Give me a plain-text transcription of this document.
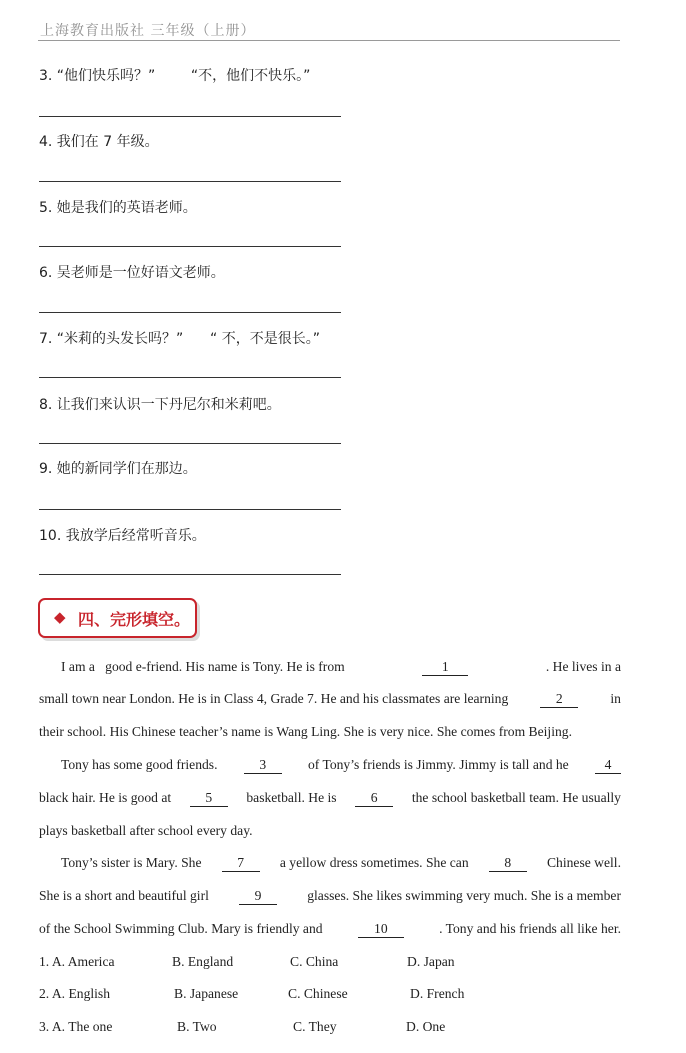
上海教育出版社 三年级（上册）
3. “他们快乐吗？”        “不，他们不快乐。”
4. 我们在 7 年级。
5. 她是我们的英语老师。
6. 吴老师是一位好语文老师。
7. “米莉的头发长吗？”      “ 不，不是很长。”
8. 让我们来认识一下丹尼尔和米莉吧。
9. 她的新同学们在那边。
10. 我放学后经常听音乐。
◆ 四、完形填空。
I am a   good e-friend. His name is Tony. He is from	1	. He lives in a
small town near London. He is in Class 4, Grade 7. He and his classmates are learning	2	in
their school. His Chinese teacher’s name is Wang Ling. She is very nice. She comes from Beijing.
Tony has some good friends.	3	of Tony’s friends is Jimmy. Jimmy is tall and he	4
black hair. He is good at	5	basketball. He is	6	the school basketball team. He usually
plays basketball after school every day.
Tony’s sister is Mary. She	7	a yellow dress sometimes. She can	8	Chinese well.
She is a short and beautiful girl	9	glasses. She likes swimming very much. She is a member
of the School Swimming Club. Mary is friendly and	10	. Tony and his friends all like her.
1. A. America	B. England	C. China	D. Japan
2. A. English	B. Japanese	C. Chinese	D. French
3. A. The one	B. Two	C. They	D. One
